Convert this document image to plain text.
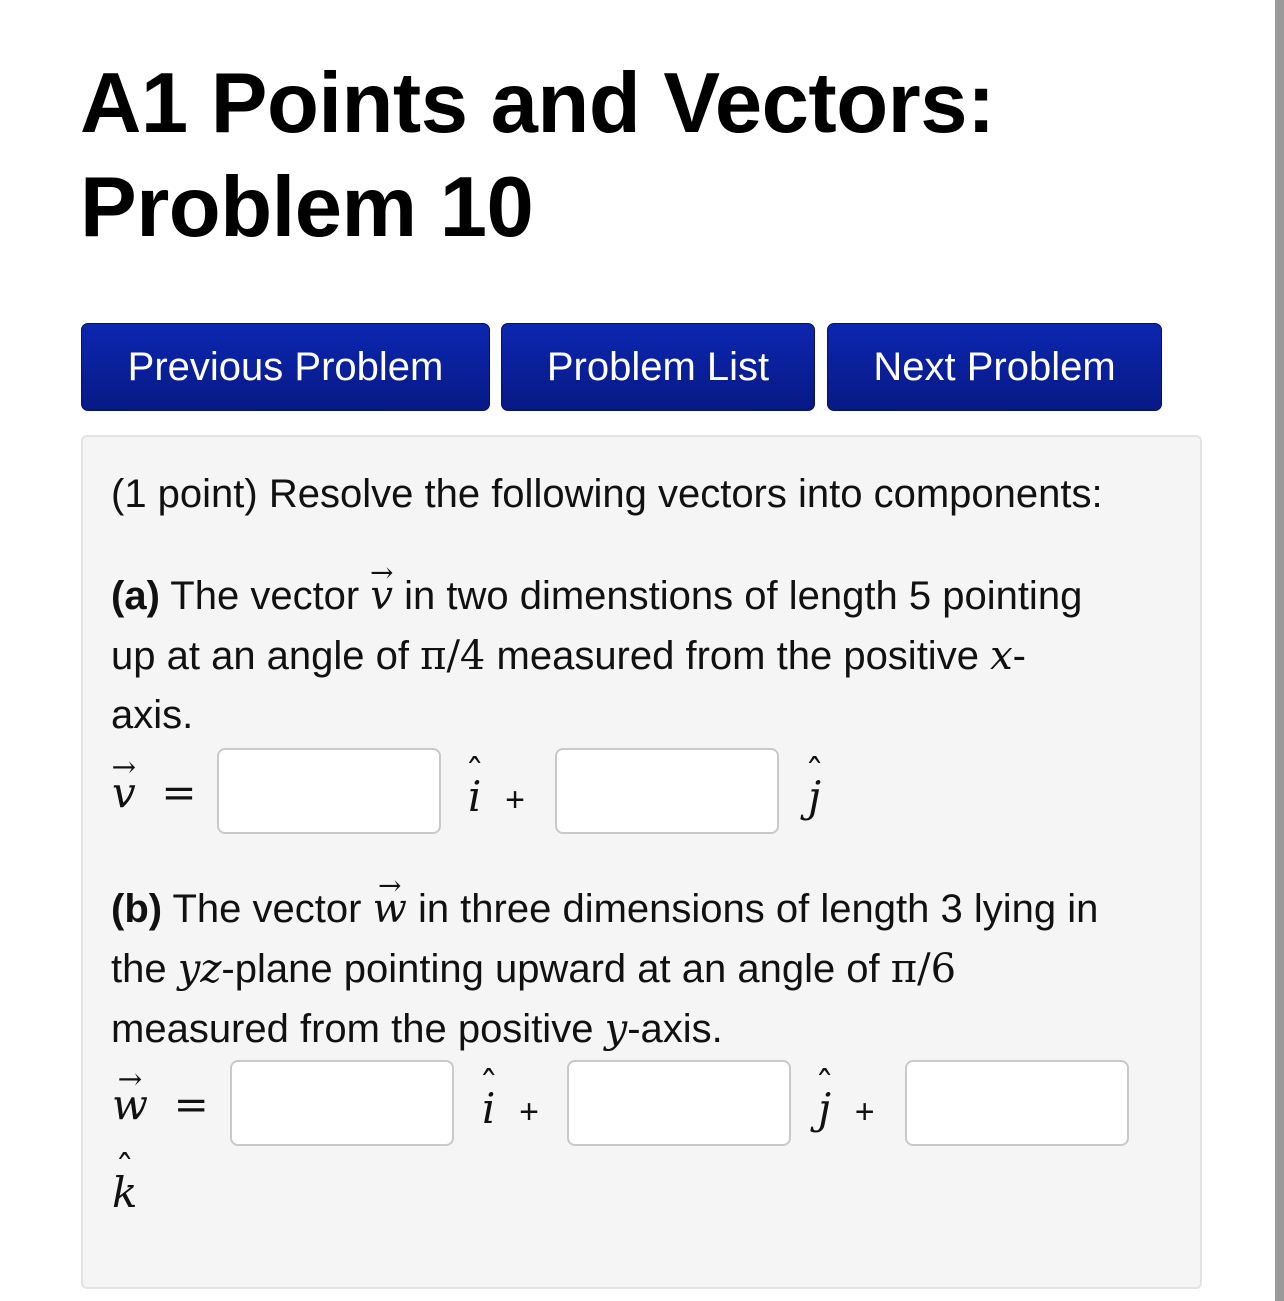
A1 Points and Vectors: Problem 10
Previous Problem	Problem List	Next Problem
(1 point) Resolve the following vectors into components:
(a) The vector → v in two dimenstions of length 5 pointing
up at an angle of π/4 measured from the positive x-
axis.
→ v =	ˆ i +	ˆ j
(b) The vector → w in three dimensions of length 3 lying in
the yz-plane pointing upward at an angle of π/6
measured from the positive y-axis.
→ w =	ˆ i +	ˆ j +
ˆ k
